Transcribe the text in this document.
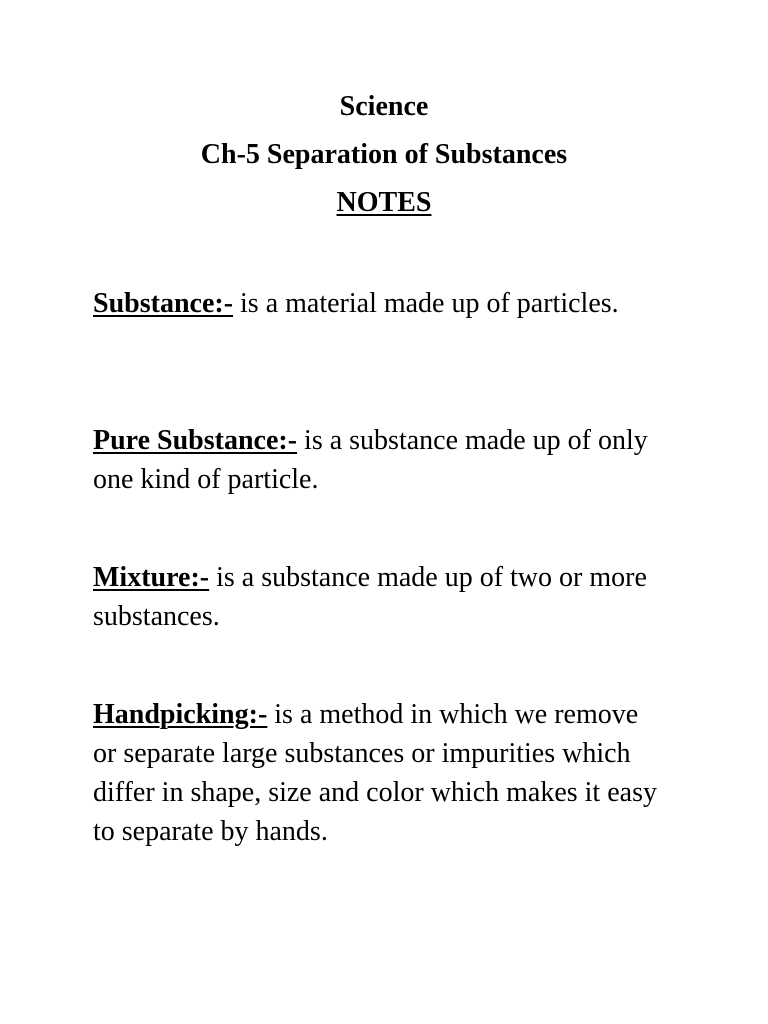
Science
Ch-5 Separation of Substances
NOTES

Substance:- is a material made up of particles.

Pure Substance:- is a substance made up of only one kind of particle.

Mixture:- is a substance made up of two or more substances.

Handpicking:- is a method in which we remove or separate large substances or impurities which differ in shape, size and color which makes it easy to separate by hands.
